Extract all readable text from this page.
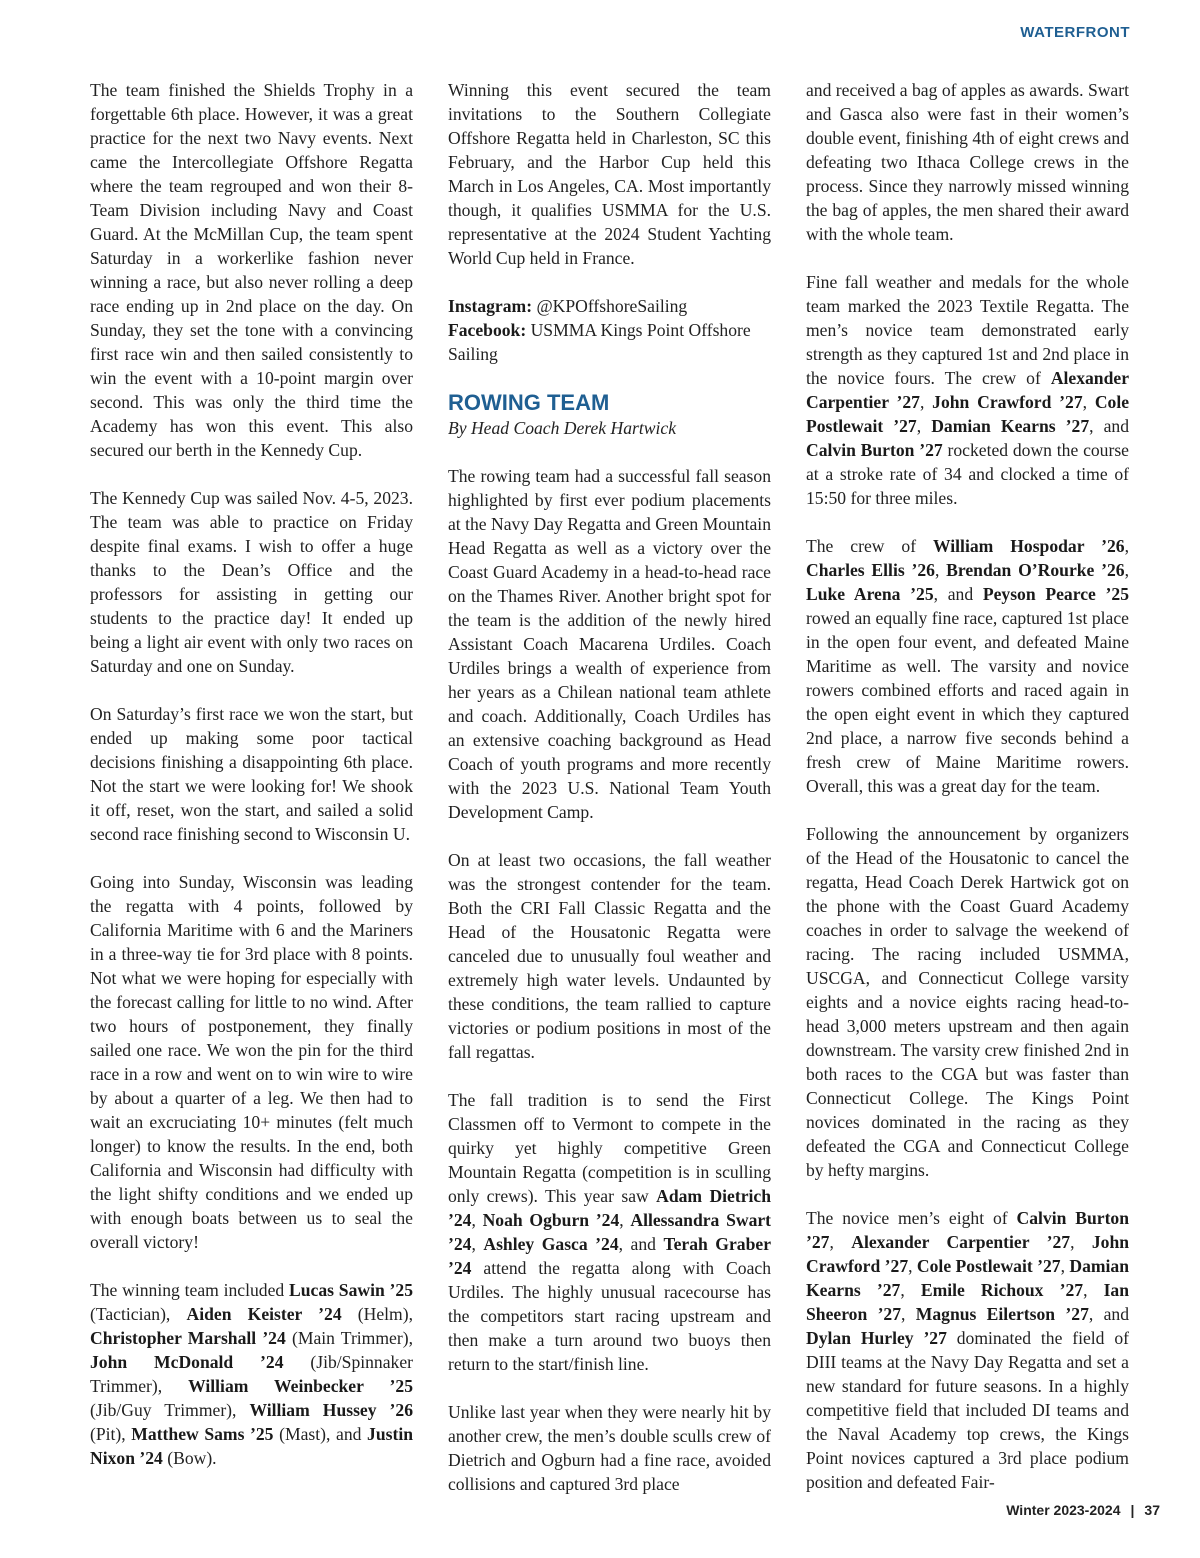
WATERFRONT

The team finished the Shields Trophy in a forgettable 6th place. However, it was a great practice for the next two Navy events. Next came the Intercollegiate Offshore Regatta where the team regrouped and won their 8-Team Division including Navy and Coast Guard. At the McMillan Cup, the team spent Saturday in a workerlike fashion never winning a race, but also never rolling a deep race ending up in 2nd place on the day. On Sunday, they set the tone with a convincing first race win and then sailed consistently to win the event with a 10-point margin over second. This was only the third time the Academy has won this event. This also secured our berth in the Kennedy Cup.

The Kennedy Cup was sailed Nov. 4-5, 2023. The team was able to practice on Friday despite final exams. I wish to offer a huge thanks to the Dean’s Office and the professors for assisting in getting our students to the practice day! It ended up being a light air event with only two races on Saturday and one on Sunday.

On Saturday’s first race we won the start, but ended up making some poor tactical decisions finishing a disappointing 6th place. Not the start we were looking for! We shook it off, reset, won the start, and sailed a solid second race finishing second to Wisconsin U.

Going into Sunday, Wisconsin was leading the regatta with 4 points, followed by California Maritime with 6 and the Mariners in a three-way tie for 3rd place with 8 points. Not what we were hoping for especially with the forecast calling for little to no wind. After two hours of postponement, they finally sailed one race. We won the pin for the third race in a row and went on to win wire to wire by about a quarter of a leg. We then had to wait an excruciating 10+ minutes (felt much longer) to know the results. In the end, both California and Wisconsin had difficulty with the light shifty conditions and we ended up with enough boats between us to seal the overall victory!

The winning team included Lucas Sawin ’25 (Tactician), Aiden Keister ’24 (Helm), Christopher Marshall ’24 (Main Trimmer), John McDonald ’24 (Jib/Spinnaker Trimmer), William Weinbecker ’25 (Jib/Guy Trimmer), William Hussey ’26 (Pit), Matthew Sams ’25 (Mast), and Justin Nixon ’24 (Bow).

Winning this event secured the team invitations to the Southern Collegiate Offshore Regatta held in Charleston, SC this February, and the Harbor Cup held this March in Los Angeles, CA. Most importantly though, it qualifies USMMA for the U.S. representative at the 2024 Student Yachting World Cup held in France.

Instagram: @KPOffshoreSailing

Facebook: USMMA Kings Point Offshore Sailing

ROWING TEAM

By Head Coach Derek Hartwick

The rowing team had a successful fall season highlighted by first ever podium placements at the Navy Day Regatta and Green Mountain Head Regatta as well as a victory over the Coast Guard Academy in a head-to-head race on the Thames River. Another bright spot for the team is the addition of the newly hired Assistant Coach Macarena Urdiles. Coach Urdiles brings a wealth of experience from her years as a Chilean national team athlete and coach. Additionally, Coach Urdiles has an extensive coaching background as Head Coach of youth programs and more recently with the 2023 U.S. National Team Youth Development Camp.

On at least two occasions, the fall weather was the strongest contender for the team. Both the CRI Fall Classic Regatta and the Head of the Housatonic Regatta were canceled due to unusually foul weather and extremely high water levels. Undaunted by these conditions, the team rallied to capture victories or podium positions in most of the fall regattas.

The fall tradition is to send the First Classmen off to Vermont to compete in the quirky yet highly competitive Green Mountain Regatta (competition is in sculling only crews). This year saw Adam Dietrich ’24, Noah Ogburn ’24, Allessandra Swart ’24, Ashley Gasca ’24, and Terah Graber ’24 attend the regatta along with Coach Urdiles. The highly unusual racecourse has the competitors start racing upstream and then make a turn around two buoys then return to the start/finish line.

Unlike last year when they were nearly hit by another crew, the men’s double sculls crew of Dietrich and Ogburn had a fine race, avoided collisions and captured 3rd place

and received a bag of apples as awards. Swart and Gasca also were fast in their women’s double event, finishing 4th of eight crews and defeating two Ithaca College crews in the process. Since they narrowly missed winning the bag of apples, the men shared their award with the whole team.

Fine fall weather and medals for the whole team marked the 2023 Textile Regatta. The men’s novice team demonstrated early strength as they captured 1st and 2nd place in the novice fours. The crew of Alexander Carpentier ’27, John Crawford ’27, Cole Postlewait ’27, Damian Kearns ’27, and Calvin Burton ’27 rocketed down the course at a stroke rate of 34 and clocked a time of 15:50 for three miles.

The crew of William Hospodar ’26, Charles Ellis ’26, Brendan O’Rourke ’26, Luke Arena ’25, and Peyson Pearce ’25 rowed an equally fine race, captured 1st place in the open four event, and defeated Maine Maritime as well. The varsity and novice rowers combined efforts and raced again in the open eight event in which they captured 2nd place, a narrow five seconds behind a fresh crew of Maine Maritime rowers. Overall, this was a great day for the team.

Following the announcement by organizers of the Head of the Housatonic to cancel the regatta, Head Coach Derek Hartwick got on the phone with the Coast Guard Academy coaches in order to salvage the weekend of racing. The racing included USMMA, USCGA, and Connecticut College varsity eights and a novice eights racing head-to-head 3,000 meters upstream and then again downstream. The varsity crew finished 2nd in both races to the CGA but was faster than Connecticut College. The Kings Point novices dominated in the racing as they defeated the CGA and Connecticut College by hefty margins.

The novice men’s eight of Calvin Burton ’27, Alexander Carpentier ’27, John Crawford ’27, Cole Postlewait ’27, Damian Kearns ’27, Emile Richoux ’27, Ian Sheeron ’27, Magnus Eilertson ’27, and Dylan Hurley ’27 dominated the field of DIII teams at the Navy Day Regatta and set a new standard for future seasons. In a highly competitive field that included DI teams and the Naval Academy top crews, the Kings Point novices captured a 3rd place podium position and defeated Fair-

Winter 2023-2024 | 37
